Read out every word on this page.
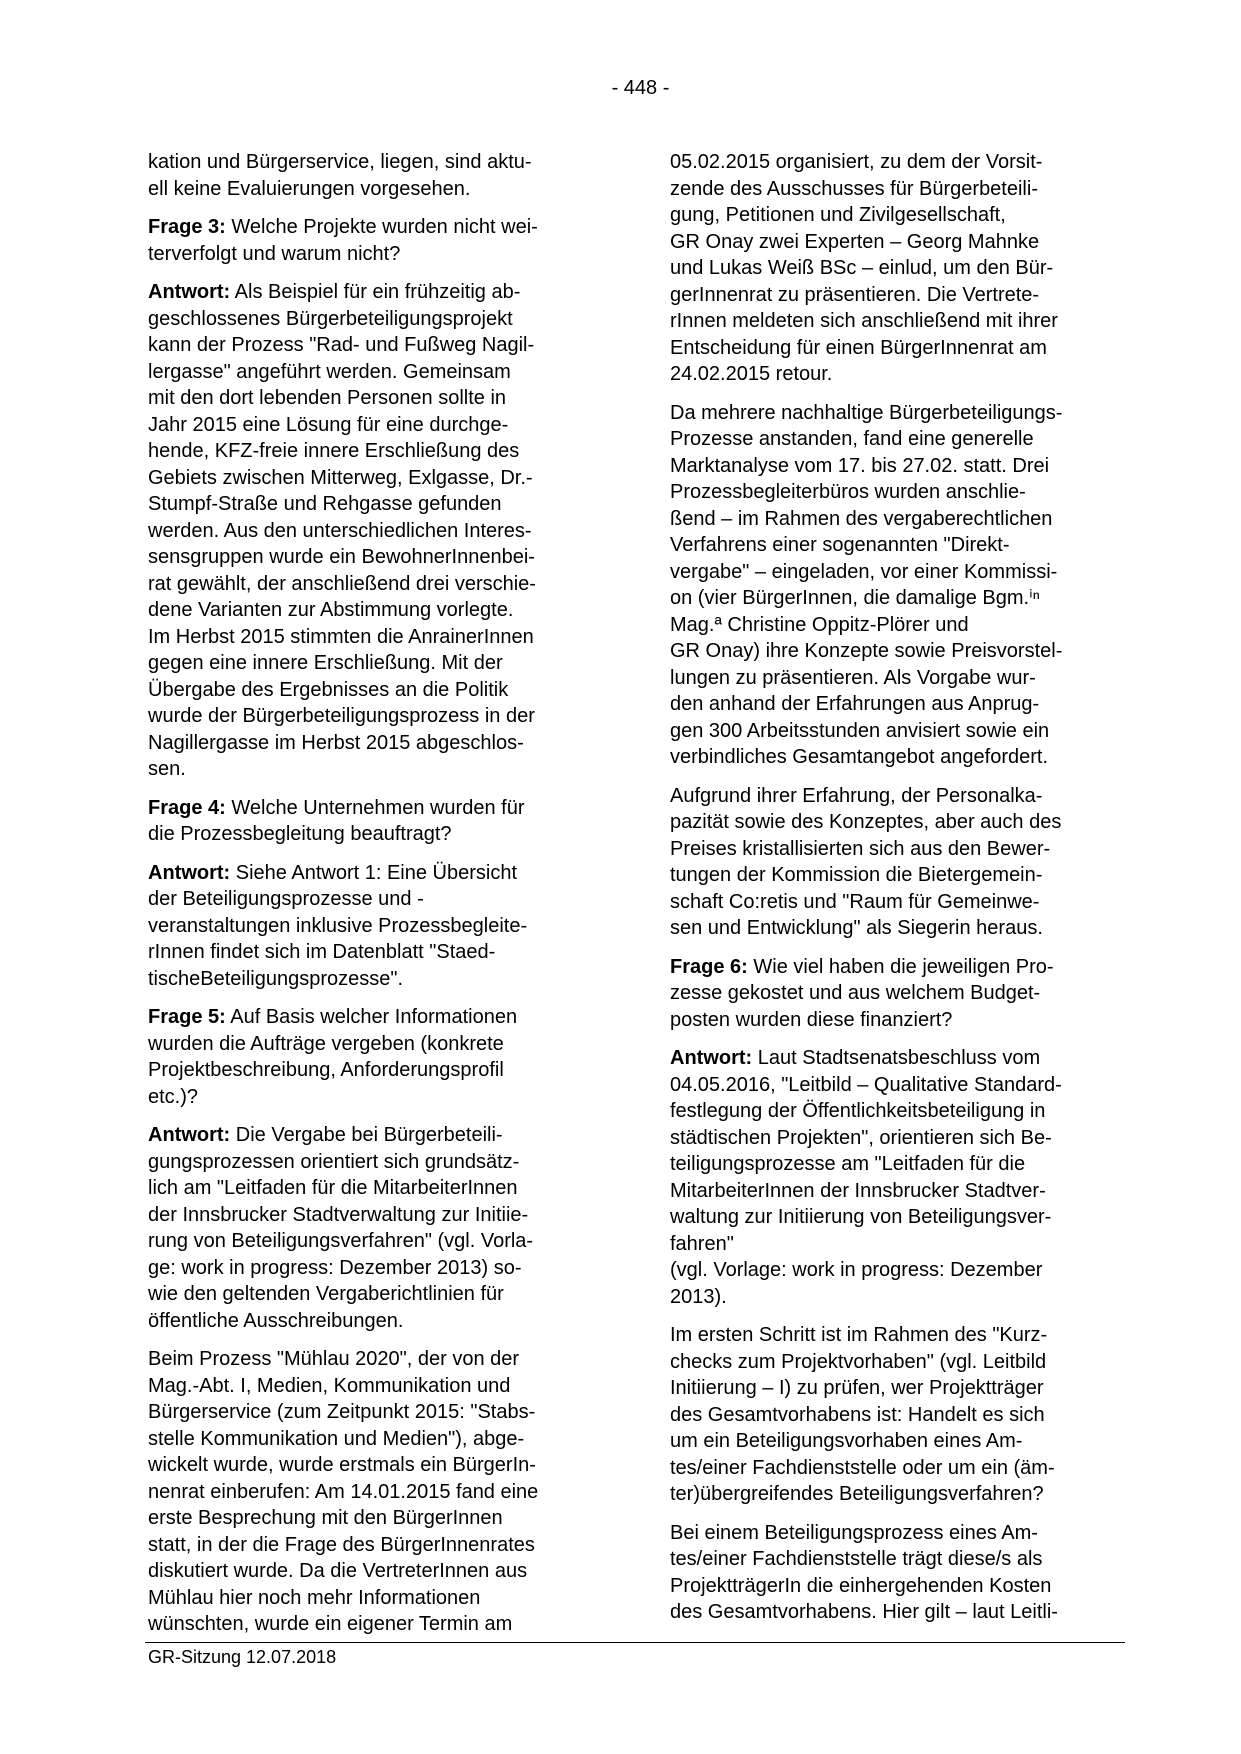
- 448 -
kation und Bürgerservice, liegen, sind aktu-
ell keine Evaluierungen vorgesehen.
Frage 3: Welche Projekte wurden nicht wei-
terverfolgt und warum nicht?
Antwort: Als Beispiel für ein frühzeitig ab-
geschlossenes Bürgerbeteiligungsprojekt
kann der Prozess "Rad- und Fußweg Nagil-
lergasse" angeführt werden. Gemeinsam
mit den dort lebenden Personen sollte in
Jahr 2015 eine Lösung für eine durchge-
hende, KFZ-freie innere Erschließung des
Gebiets zwischen Mitterweg, Exlgasse, Dr.-
Stumpf-Straße und Rehgasse gefunden
werden. Aus den unterschiedlichen Interes-
sensgruppen wurde ein BewohnerInnenbei-
rat gewählt, der anschließend drei verschie-
dene Varianten zur Abstimmung vorlegte.
Im Herbst 2015 stimmten die AnrainerInnen
gegen eine innere Erschließung. Mit der
Übergabe des Ergebnisses an die Politik
wurde der Bürgerbeteiligungsprozess in der
Nagillergasse im Herbst 2015 abgeschlos-
sen.
Frage 4: Welche Unternehmen wurden für
die Prozessbegleitung beauftragt?
Antwort: Siehe Antwort 1: Eine Übersicht
der Beteiligungsprozesse und -
veranstaltungen inklusive Prozessbegleite-
rInnen findet sich im Datenblatt "Staed-
tischeBeteiligungsprozesse".
Frage 5: Auf Basis welcher Informationen
wurden die Aufträge vergeben (konkrete
Projektbeschreibung, Anforderungsprofil
etc.)?
Antwort: Die Vergabe bei Bürgerbeteili-
gungsprozessen orientiert sich grundsätz-
lich am "Leitfaden für die MitarbeiterInnen
der Innsbrucker Stadtverwaltung zur Initiie-
rung von Beteiligungsverfahren" (vgl. Vorla-
ge: work in progress: Dezember 2013) so-
wie den geltenden Vergaberichtlinien für
öffentliche Ausschreibungen.
Beim Prozess "Mühlau 2020", der von der
Mag.-Abt. I, Medien, Kommunikation und
Bürgerservice (zum Zeitpunkt 2015: "Stabs-
stelle Kommunikation und Medien"), abge-
wickelt wurde, wurde erstmals ein BürgerIn-
nenrat einberufen: Am 14.01.2015 fand eine
erste Besprechung mit den BürgerInnen
statt, in der die Frage des BürgerInnenrates
diskutiert wurde. Da die VertreterInnen aus
Mühlau hier noch mehr Informationen
wünschten, wurde ein eigener Termin am
05.02.2015 organisiert, zu dem der Vorsit-
zende des Ausschusses für Bürgerbeteili-
gung, Petitionen und Zivilgesellschaft,
GR Onay zwei Experten – Georg Mahnke
und Lukas Weiß BSc – einlud, um den Bür-
gerInnenrat zu präsentieren. Die Vertrete-
rInnen meldeten sich anschließend mit ihrer
Entscheidung für einen BürgerInnenrat am
24.02.2015 retour.
Da mehrere nachhaltige Bürgerbeteiligungs-
Prozesse anstanden, fand eine generelle
Marktanalyse vom 17. bis 27.02. statt. Drei
Prozessbegleiterbüros wurden anschlie-
ßend – im Rahmen des vergaberechtlichen
Verfahrens einer sogenannten "Direkt-
vergabe" – eingeladen, vor einer Kommissi-
on (vier BürgerInnen, die damalige Bgm.ⁱⁿ
Mag.ª Christine Oppitz-Plörer und
GR Onay) ihre Konzepte sowie Preisvorstel-
lungen zu präsentieren. Als Vorgabe wur-
den anhand der Erfahrungen aus Anprug-
gen 300 Arbeitsstunden anvisiert sowie ein
verbindliches Gesamtangebot angefordert.
Aufgrund ihrer Erfahrung, der Personalka-
pazität sowie des Konzeptes, aber auch des
Preises kristallisierten sich aus den Bewer-
tungen der Kommission die Bietergemein-
schaft Co:retis und "Raum für Gemeinwe-
sen und Entwicklung" als Siegerin heraus.
Frage 6: Wie viel haben die jeweiligen Pro-
zesse gekostet und aus welchem Budget-
posten wurden diese finanziert?
Antwort: Laut Stadtsenatsbeschluss vom
04.05.2016, "Leitbild – Qualitative Standard-
festlegung der Öffentlichkeitsbeteiligung in
städtischen Projekten", orientieren sich Be-
teiligungsprozesse am "Leitfaden für die
MitarbeiterInnen der Innsbrucker Stadtver-
waltung zur Initiierung von Beteiligungsver-
fahren"
(vgl. Vorlage: work in progress: Dezember
2013).
Im ersten Schritt ist im Rahmen des "Kurz-
checks zum Projektvorhaben" (vgl. Leitbild
Initiierung – I) zu prüfen, wer Projektträger
des Gesamtvorhabens ist: Handelt es sich
um ein Beteiligungsvorhaben eines Am-
tes/einer Fachdienststelle oder um ein (äm-
ter)übergreifendes Beteiligungsverfahren?
Bei einem Beteiligungsprozess eines Am-
tes/einer Fachdienststelle trägt diese/s als
ProjektträgerIn die einhergehenden Kosten
des Gesamtvorhabens. Hier gilt – laut Leitli-
GR-Sitzung 12.07.2018
